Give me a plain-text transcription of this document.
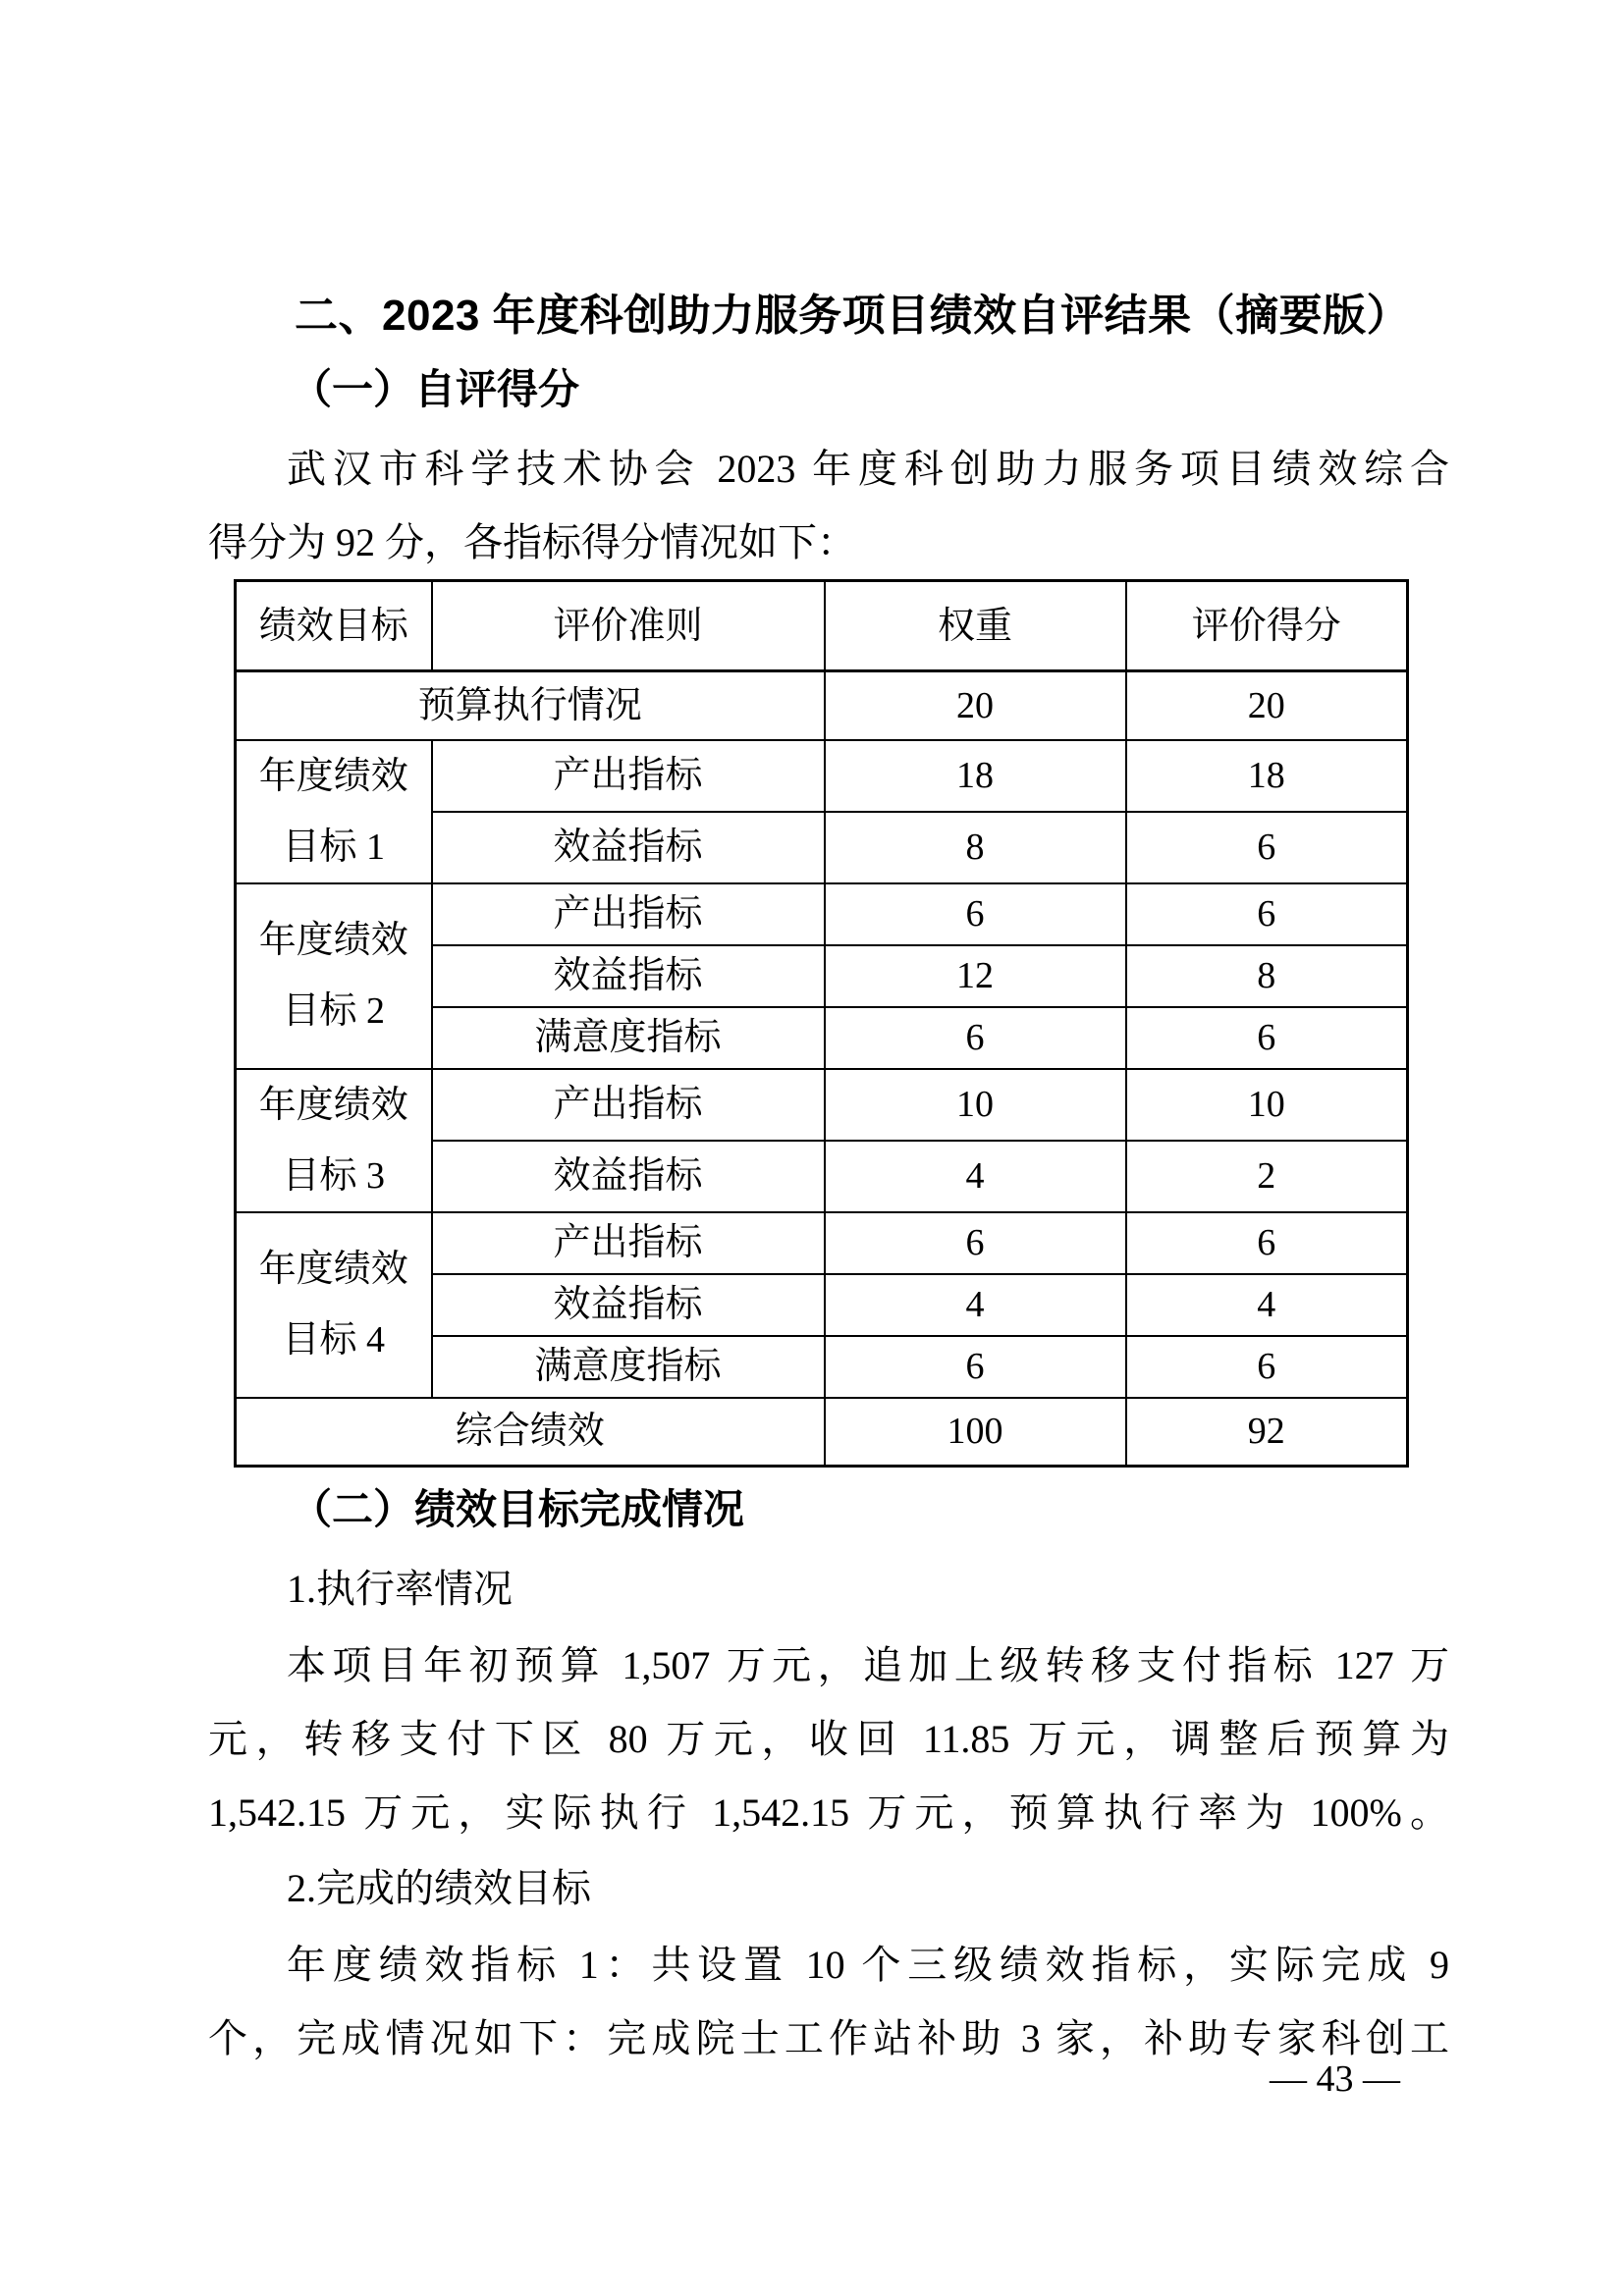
二、2023 年度科创助力服务项目绩效自评结果（摘要版）
（一）自评得分
武汉市科学技术协会 2023 年度科创助力服务项目绩效综合
得分为 92 分，各指标得分情况如下：
绩效目标	评价准则	权重	评价得分
预算执行情况		20	20

年度绩效
目标 1	产出指标	18	18
	效益指标	8	6

年度绩效
目标 2	产出指标	6	6
	效益指标	12	8
	满意度指标	6	6

年度绩效
目标 3	产出指标	10	10
	效益指标	4	2

年度绩效
目标 4	产出指标	6	6
	效益指标	4	4
	满意度指标	6	6
综合绩效		100	92
（二）绩效目标完成情况
1.执行率情况
本项目年初预算 1,507 万元，追加上级转移支付指标 127 万
元，转移支付下区 80 万元，收回 11.85 万元，调整后预算为
1,542.15 万元，实际执行 1,542.15 万元，预算执行率为 100%。
2.完成的绩效目标
年度绩效指标 1：共设置 10 个三级绩效指标，实际完成 9
个，完成情况如下：完成院士工作站补助 3 家，补助专家科创工
— 43 —
